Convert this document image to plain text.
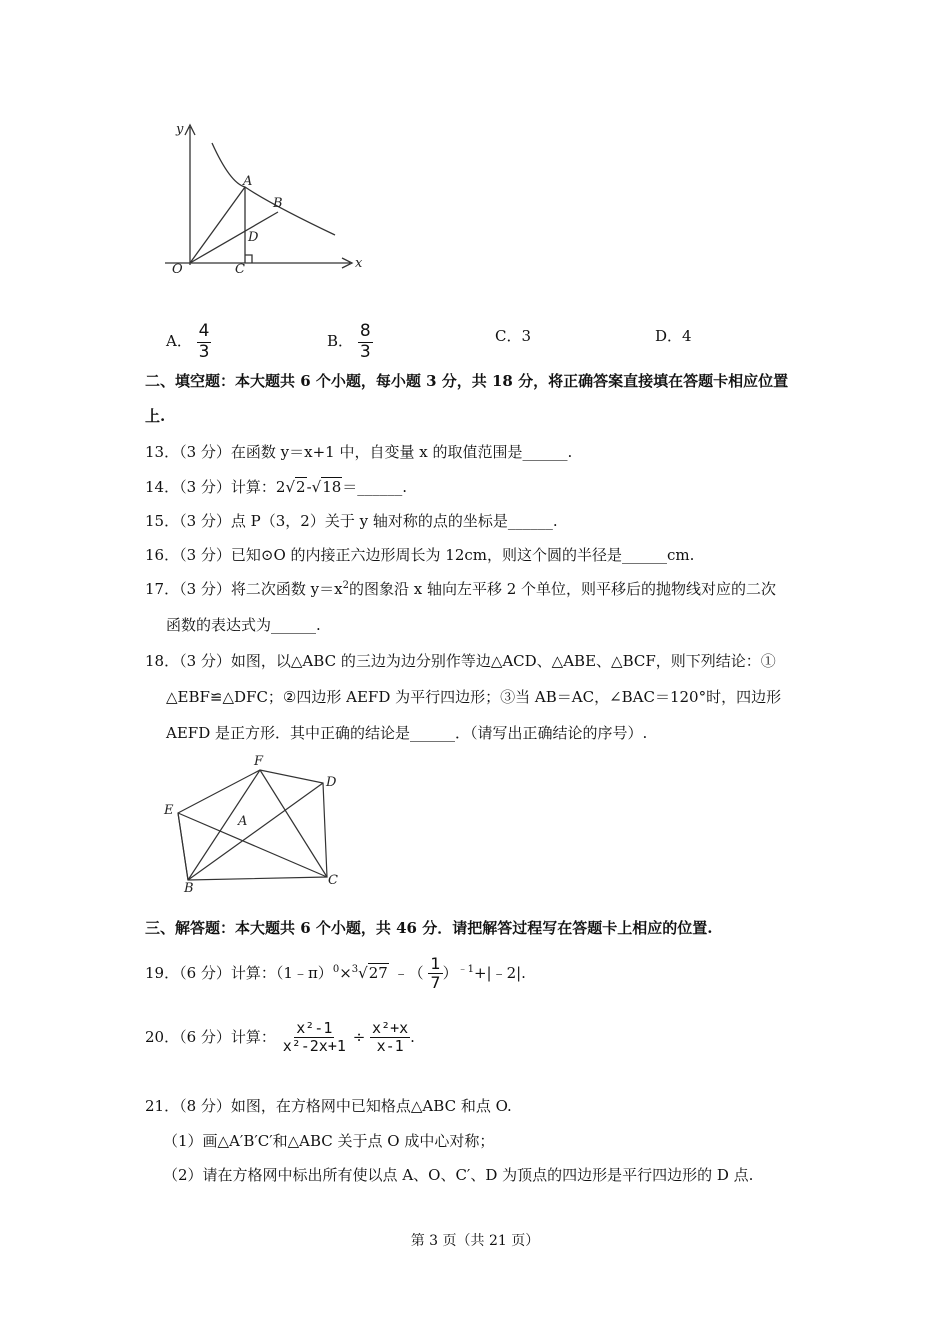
y
x
O
A
B
C
D
A． $\frac{4}{3}$	B． $\frac{8}{3}$	C．3	D．4
二、填空题：本大题共 6 个小题，每小题 3 分，共 18 分，将正确答案直接填在答题卡相应位置
上.
13．（3 分）在函数 y＝x+1 中，自变量 x 的取值范围是______.
14．（3 分）计算：2√2-√18＝______.
15．（3 分）点 P（3，2）关于 y 轴对称的点的坐标是______.
16．（3 分）已知⊙O 的内接正六边形周长为 12cm，则这个圆的半径是______cm.
17．（3 分）将二次函数 $y=x^2$的图象沿 x 轴向左平移 2 个单位，则平移后的抛物线对应的二次
函数的表达式为______.
18．（3 分）如图，以△ABC 的三边为边分别作等边△ACD、△ABE、△BCF，则下列结论：①
△EBF≌△DFC；②四边形 AEFD 为平行四边形；③当 AB＝AC，∠BAC＝120°时，四边形
AEFD 是正方形．其中正确的结论是______．（请写出正确结论的序号）.
F
D
E
A
B
C
三、解答题：本大题共 6 个小题，共 46 分．请把解答过程写在答题卡上相应的位置.
19．（6 分）计算：（1﹣π）$^0$×$^3$√27 ﹣（ $\frac{1}{7}$ ）$^{﹣1}$+|﹣2|.
20．（6 分）计算： $\frac{\text{x²-1}}{\text{x²-2x+1}} \div \frac{\text{x²+x}}{x-1}$ .
21．（8 分）如图，在方格网中已知格点△ABC 和点 O.
（1）画△A′B′C′和△ABC 关于点 O 成中心对称；
（2）请在方格网中标出所有使以点 A、O、C′、D 为顶点的四边形是平行四边形的 D 点.
第 3 页（共 21 页）
